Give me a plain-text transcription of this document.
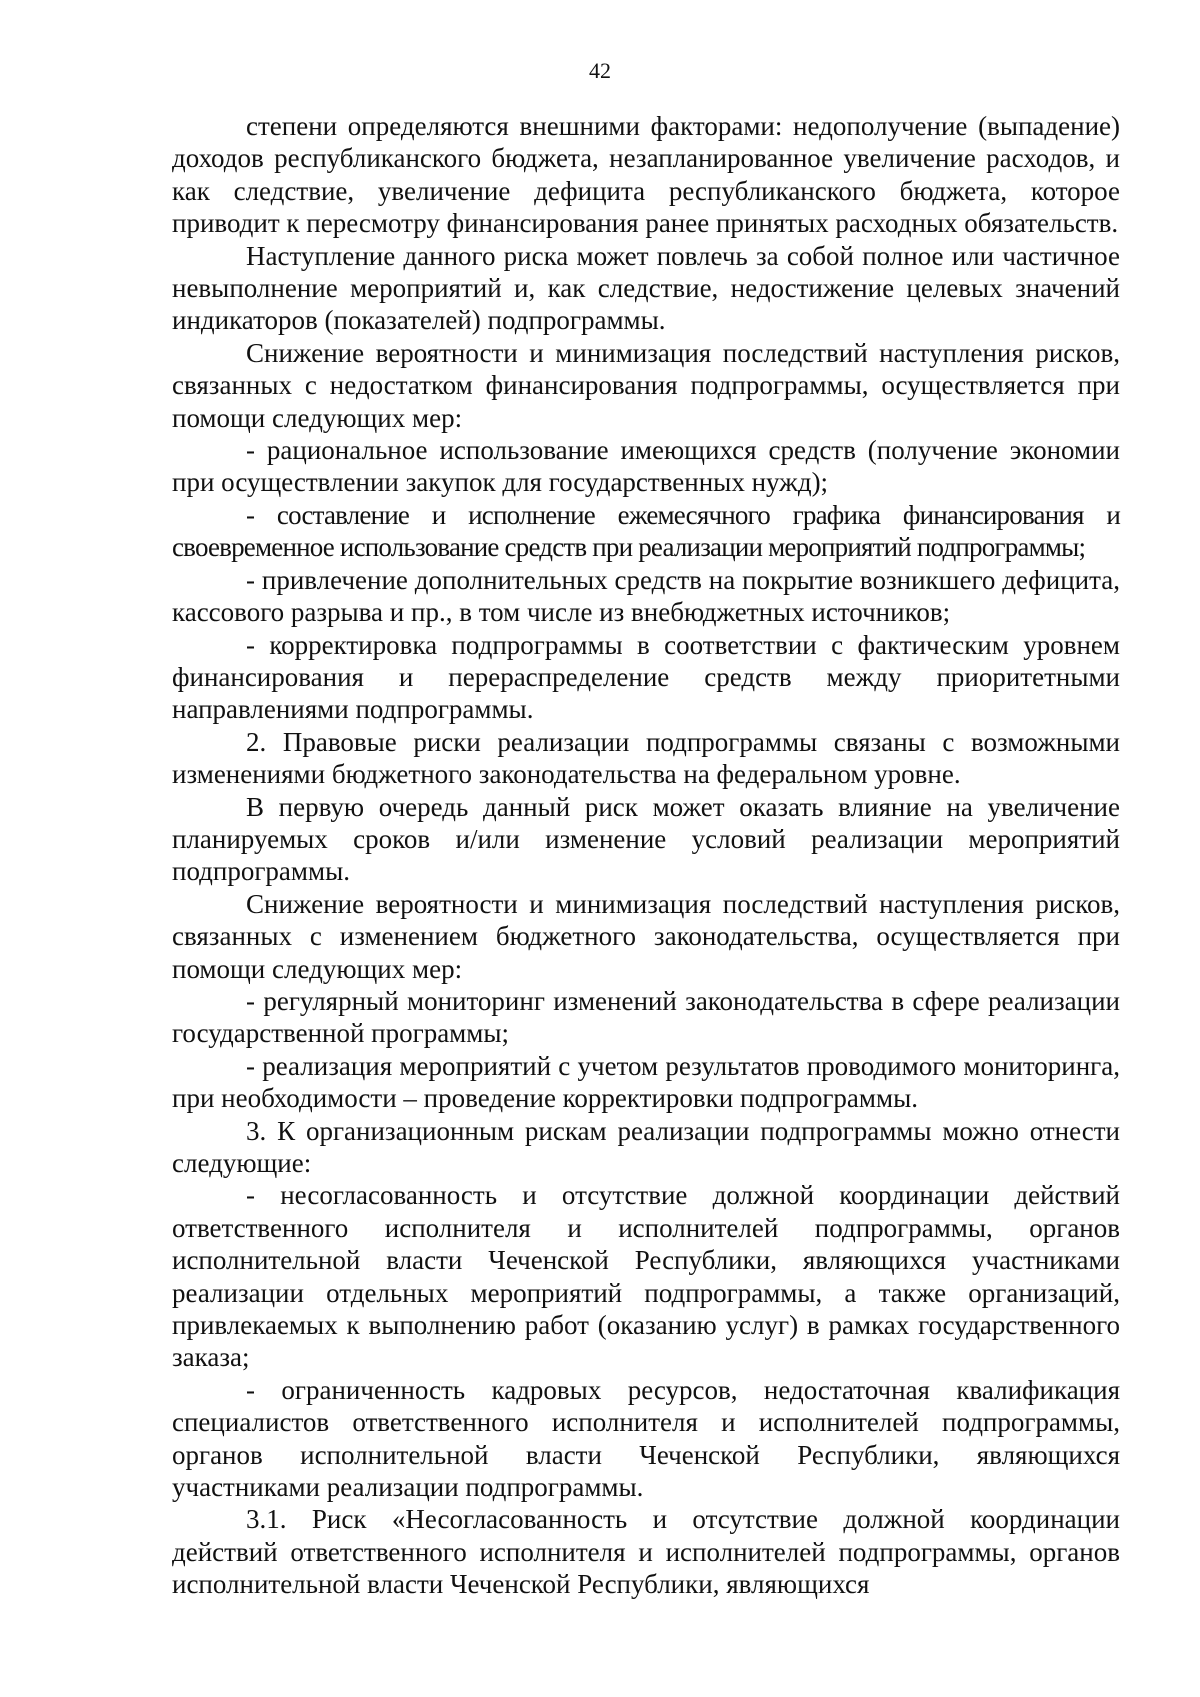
42

степени определяются внешними факторами: недополучение (выпадение) доходов республиканского бюджета, незапланированное увеличение расходов, и как следствие, увеличение дефицита республиканского бюджета, которое приводит к пересмотру финансирования ранее принятых расходных обязательств.

Наступление данного риска может повлечь за собой полное или частичное невыполнение мероприятий и, как следствие, недостижение целевых значений индикаторов (показателей) подпрограммы.

Снижение вероятности и минимизация последствий наступления рисков, связанных с недостатком финансирования подпрограммы, осуществляется при помощи следующих мер:

- рациональное использование имеющихся средств (получение экономии при осуществлении закупок для государственных нужд);

- составление и исполнение ежемесячного графика финансирования и своевременное использование средств при реализации мероприятий подпрограммы;

- привлечение дополнительных средств на покрытие возникшего дефицита, кассового разрыва и пр., в том числе из внебюджетных источников;

- корректировка подпрограммы в соответствии с фактическим уровнем финансирования и перераспределение средств между приоритетными направлениями подпрограммы.

2. Правовые риски реализации подпрограммы связаны с возможными изменениями бюджетного законодательства на федеральном уровне.

В первую очередь данный риск может оказать влияние на увеличение планируемых сроков и/или изменение условий реализации мероприятий подпрограммы.

Снижение вероятности и минимизация последствий наступления рисков, связанных с изменением бюджетного законодательства, осуществляется при помощи следующих мер:

- регулярный мониторинг изменений законодательства в сфере реализации государственной программы;

- реализация мероприятий с учетом результатов проводимого мониторинга, при необходимости – проведение корректировки подпрограммы.

3. К организационным рискам реализации подпрограммы можно отнести следующие:

- несогласованность и отсутствие должной координации действий ответственного исполнителя и исполнителей подпрограммы, органов исполнительной власти Чеченской Республики, являющихся участниками реализации отдельных мероприятий подпрограммы, а также организаций, привлекаемых к выполнению работ (оказанию услуг) в рамках государственного заказа;

- ограниченность кадровых ресурсов, недостаточная квалификация специалистов ответственного исполнителя и исполнителей подпрограммы, органов исполнительной власти Чеченской Республики, являющихся участниками реализации подпрограммы.

3.1. Риск «Несогласованность и отсутствие должной координации действий ответственного исполнителя и исполнителей подпрограммы, органов исполнительной власти Чеченской Республики, являющихся
